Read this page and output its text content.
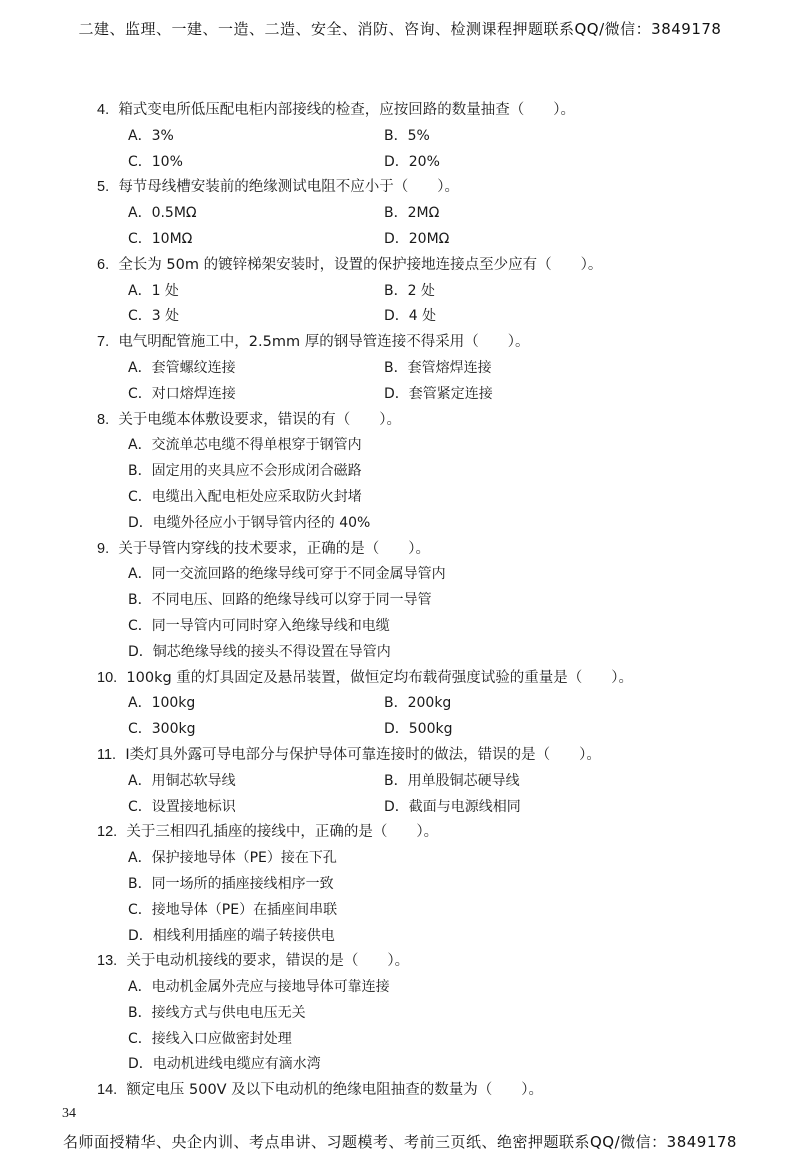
二建、监理、一建、一造、二造、安全、消防、咨询、检测课程押题联系QQ/微信：3849178
4. 箱式变电所低压配电柜内部接线的检查，应按回路的数量抽查（　　）。
A．3%	B．5%
C．10%	D．20%
5. 每节母线槽安装前的绝缘测试电阻不应小于（　　）。
A．0.5MΩ	B．2MΩ
C．10MΩ	D．20MΩ
6. 全长为 50m 的镀锌梯架安装时，设置的保护接地连接点至少应有（　　）。
A．1 处	B．2 处
C．3 处	D．4 处
7. 电气明配管施工中，2.5mm 厚的钢导管连接不得采用（　　）。
A．套管螺纹连接	B．套管熔焊连接
C．对口熔焊连接	D．套管紧定连接
8. 关于电缆本体敷设要求，错误的有（　　）。
A．交流单芯电缆不得单根穿于钢管内
B．固定用的夹具应不会形成闭合磁路
C．电缆出入配电柜处应采取防火封堵
D．电缆外径应小于钢导管内径的 40%
9. 关于导管内穿线的技术要求，正确的是（　　）。
A．同一交流回路的绝缘导线可穿于不同金属导管内
B．不同电压、回路的绝缘导线可以穿于同一导管
C．同一导管内可同时穿入绝缘导线和电缆
D．铜芯绝缘导线的接头不得设置在导管内
10. 100kg 重的灯具固定及悬吊装置，做恒定均布载荷强度试验的重量是（　　）。
A．100kg	B．200kg
C．300kg	D．500kg
11. Ⅰ类灯具外露可导电部分与保护导体可靠连接时的做法，错误的是（　　）。
A．用铜芯软导线	B．用单股铜芯硬导线
C．设置接地标识	D．截面与电源线相同
12. 关于三相四孔插座的接线中，正确的是（　　）。
A．保护接地导体（PE）接在下孔
B．同一场所的插座接线相序一致
C．接地导体（PE）在插座间串联
D．相线利用插座的端子转接供电
13. 关于电动机接线的要求，错误的是（　　）。
A．电动机金属外壳应与接地导体可靠连接
B．接线方式与供电电压无关
C．接线入口应做密封处理
D．电动机进线电缆应有滴水湾
14. 额定电压 500V 及以下电动机的绝缘电阻抽查的数量为（　　）。
34
名师面授精华、央企内训、考点串讲、习题模考、考前三页纸、绝密押题联系QQ/微信：3849178
